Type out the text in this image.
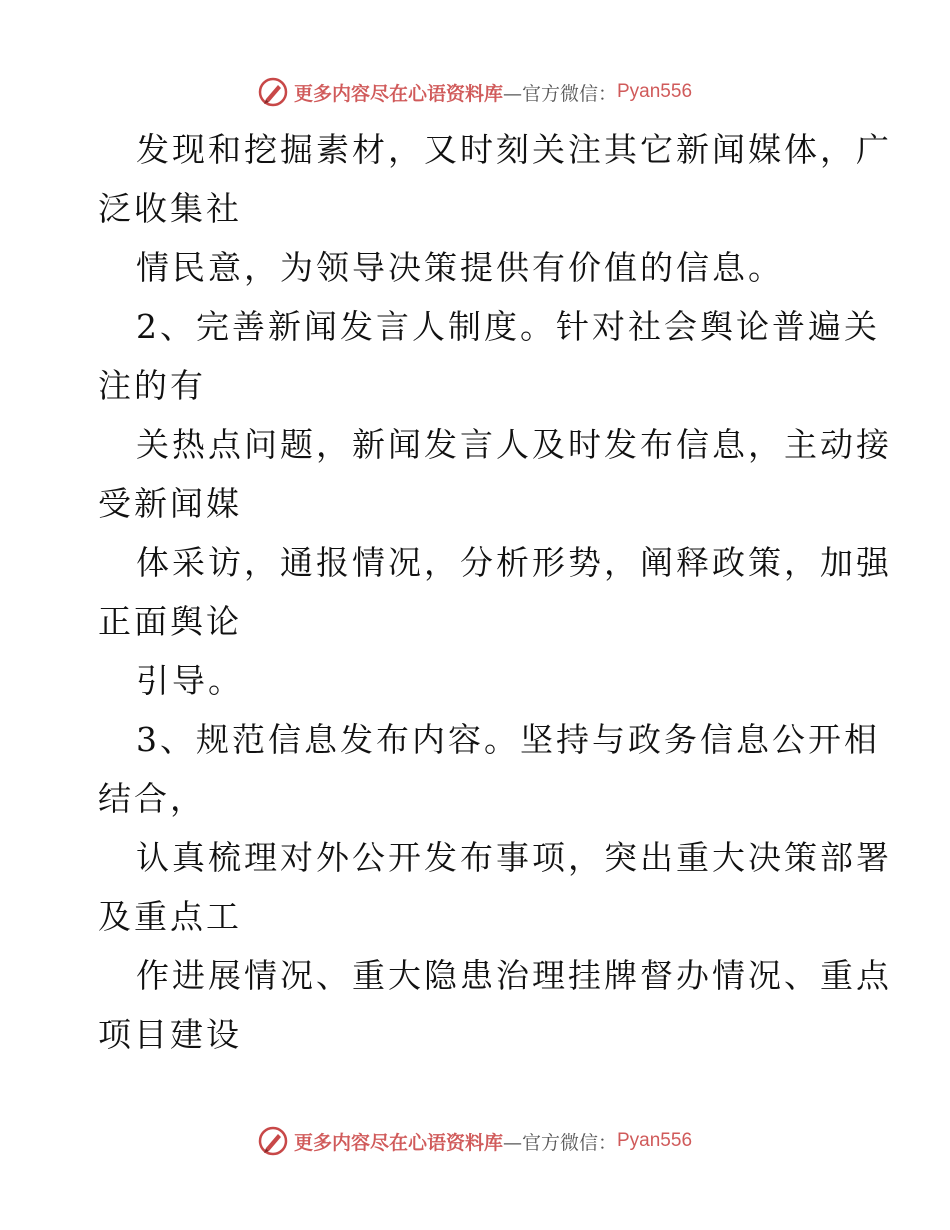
更多内容尽在心语资料库 —官方微信： Pyan556
发现和挖掘素材，又时刻关注其它新闻媒体，广
泛收集社
情民意，为领导决策提供有价值的信息。
2、完善新闻发言人制度。针对社会舆论普遍关
注的有
关热点问题，新闻发言人及时发布信息，主动接
受新闻媒
体采访，通报情况，分析形势，阐释政策，加强
正面舆论
引导。
3、规范信息发布内容。坚持与政务信息公开相
结合，
认真梳理对外公开发布事项，突出重大决策部署
及重点工
作进展情况、重大隐患治理挂牌督办情况、重点
项目建设
更多内容尽在心语资料库 —官方微信： Pyan556
